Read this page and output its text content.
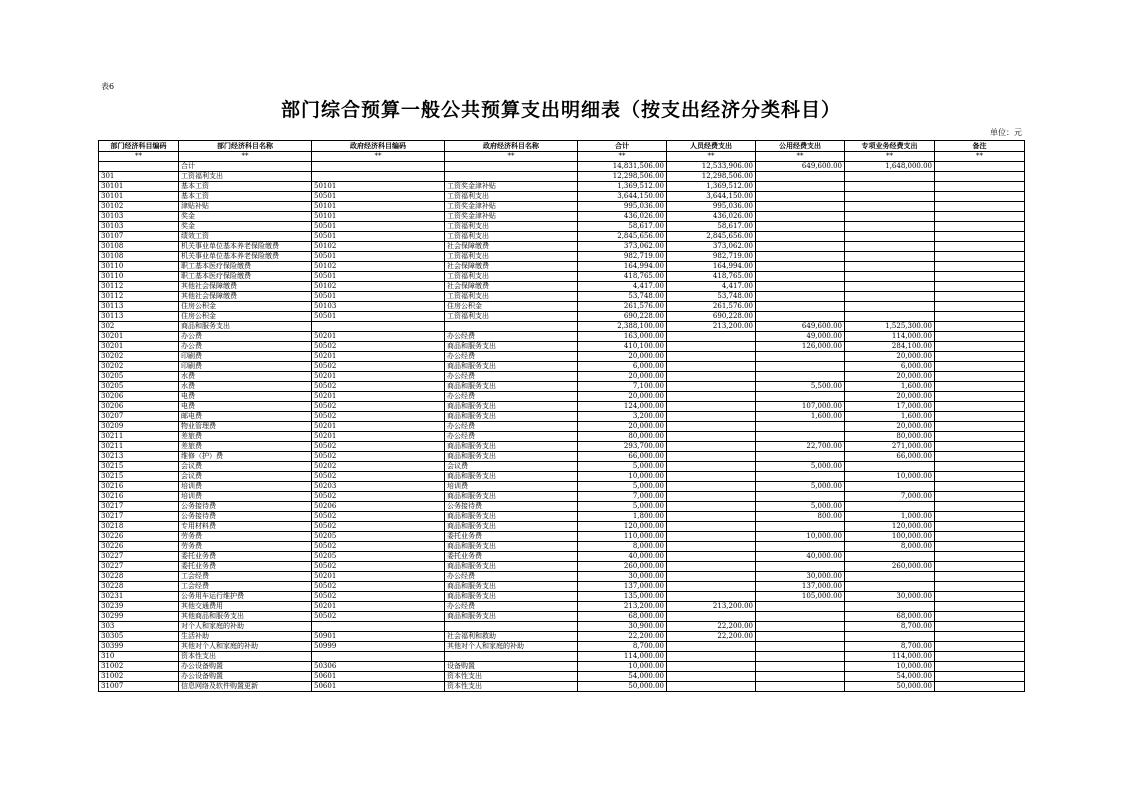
表6
部门综合预算一般公共预算支出明细表（按支出经济分类科目）
单位：元
部门经济科目编码	部门经济科目名称	政府经济科目编码	政府经济科目名称	合计	人员经费支出	公用经费支出	专项业务经费支出	备注
**	**	**	**	**	**	**	**	**
	合计			14,831,506.00	12,533,906.00	649,600.00	1,648,000.00	
301	工资福利支出			12,298,506.00	12,298,506.00			
30101	基本工资	50101	工资奖金津补贴	1,369,512.00	1,369,512.00			
30101	基本工资	50501	工资福利支出	3,644,150.00	3,644,150.00			
30102	津贴补贴	50101	工资奖金津补贴	995,036.00	995,036.00			
30103	奖金	50101	工资奖金津补贴	436,026.00	436,026.00			
30103	奖金	50501	工资福利支出	58,617.00	58,617.00			
30107	绩效工资	50501	工资福利支出	2,845,656.00	2,845,656.00			
30108	机关事业单位基本养老保险缴费	50102	社会保障缴费	373,062.00	373,062.00			
30108	机关事业单位基本养老保险缴费	50501	工资福利支出	982,719.00	982,719.00			
30110	职工基本医疗保险缴费	50102	社会保障缴费	164,994.00	164,994.00			
30110	职工基本医疗保险缴费	50501	工资福利支出	418,765.00	418,765.00			
30112	其他社会保障缴费	50102	社会保障缴费	4,417.00	4,417.00			
30112	其他社会保障缴费	50501	工资福利支出	53,748.00	53,748.00			
30113	住房公积金	50103	住房公积金	261,576.00	261,576.00			
30113	住房公积金	50501	工资福利支出	690,228.00	690,228.00			
302	商品和服务支出			2,388,100.00	213,200.00	649,600.00	1,525,300.00	
30201	办公费	50201	办公经费	163,000.00		49,000.00	114,000.00	
30201	办公费	50502	商品和服务支出	410,100.00		126,000.00	284,100.00	
30202	印刷费	50201	办公经费	20,000.00			20,000.00	
30202	印刷费	50502	商品和服务支出	6,000.00			6,000.00	
30205	水费	50201	办公经费	20,000.00			20,000.00	
30205	水费	50502	商品和服务支出	7,100.00		5,500.00	1,600.00	
30206	电费	50201	办公经费	20,000.00			20,000.00	
30206	电费	50502	商品和服务支出	124,000.00		107,000.00	17,000.00	
30207	邮电费	50502	商品和服务支出	3,200.00		1,600.00	1,600.00	
30209	物业管理费	50201	办公经费	20,000.00			20,000.00	
30211	差旅费	50201	办公经费	80,000.00			80,000.00	
30211	差旅费	50502	商品和服务支出	293,700.00		22,700.00	271,000.00	
30213	维修（护）费	50502	商品和服务支出	66,000.00			66,000.00	
30215	会议费	50202	会议费	5,000.00		5,000.00		
30215	会议费	50502	商品和服务支出	10,000.00			10,000.00	
30216	培训费	50203	培训费	5,000.00		5,000.00		
30216	培训费	50502	商品和服务支出	7,000.00			7,000.00	
30217	公务接待费	50206	公务接待费	5,000.00		5,000.00		
30217	公务接待费	50502	商品和服务支出	1,800.00		800.00	1,000.00	
30218	专用材料费	50502	商品和服务支出	120,000.00			120,000.00	
30226	劳务费	50205	委托业务费	110,000.00		10,000.00	100,000.00	
30226	劳务费	50502	商品和服务支出	8,000.00			8,000.00	
30227	委托业务费	50205	委托业务费	40,000.00		40,000.00		
30227	委托业务费	50502	商品和服务支出	260,000.00			260,000.00	
30228	工会经费	50201	办公经费	30,000.00		30,000.00		
30228	工会经费	50502	商品和服务支出	137,000.00		137,000.00		
30231	公务用车运行维护费	50502	商品和服务支出	135,000.00		105,000.00	30,000.00	
30239	其他交通费用	50201	办公经费	213,200.00	213,200.00			
30299	其他商品和服务支出	50502	商品和服务支出	68,000.00			68,000.00	
303	对个人和家庭的补助			30,900.00	22,200.00		8,700.00	
30305	生活补助	50901	社会福利和救助	22,200.00	22,200.00			
30399	其他对个人和家庭的补助	50999	其他对个人和家庭的补助	8,700.00			8,700.00	
310	资本性支出			114,000.00			114,000.00	
31002	办公设备购置	50306	设备购置	10,000.00			10,000.00	
31002	办公设备购置	50601	资本性支出	54,000.00			54,000.00	
31007	信息网络及软件购置更新	50601	资本性支出	50,000.00			50,000.00	
